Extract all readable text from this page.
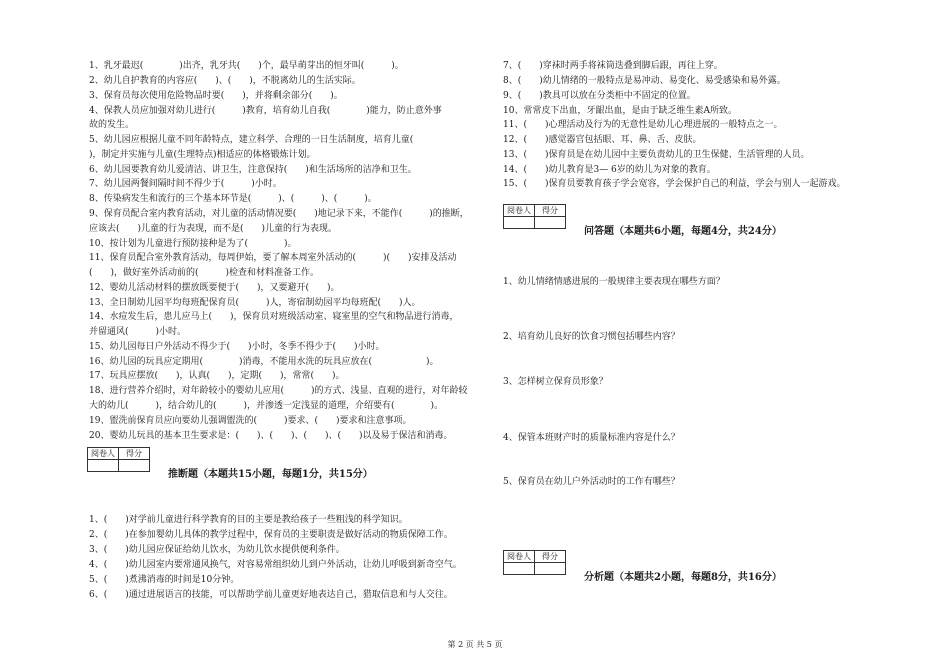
1、乳牙最迟(　　　　)出齐，乳牙共(　　)个，最早萌芽出的恒牙叫(　　　)。
2、幼儿自护教育的内容应(　　)、(　　)，不脱离幼儿的生活实际。
3、保育员每次使用危险物品时要(　　)，并将剩余部分(　　)。
4、保教人员应加强对幼儿进行(　　　)教育，培育幼儿自我(　　　　)能力，防止意外事
故的发生。
5、幼儿园应根据儿童不同年龄特点，建立科学、合理的一日生活制度，培育儿童(　　　
)，制定并实施与儿童(生理特点)相适应的体格锻炼计划。
6、幼儿园要教育幼儿爱清洁、讲卫生，注意保持(　　)和生活场所的洁净和卫生。
7、幼儿园两餐间隔时间不得少于(　　　)小时。
8、传染病发生和流行的三个基本环节是(　　　)、(　　　)、(　　　)。
9、保育员配合室内教育活动，对儿童的活动情况要(　　)地记录下来，不能作(　　　)的推断，
应该去(　　)儿童的行为表现，而不是(　　)儿童的行为表现。
10、按计划为儿童进行预防接种是为了(　　　　)。
11、保育员配合室外教育活动，每周伊始，要了解本周室外活动的(　　　)(　　)安排及活动
(　　)，做好室外活动前的(　　　)检查和材料准备工作。
12、婴幼儿活动材料的摆放既要便于(　　)，又要避开(　　)。
13、全日制幼儿园平均每班配保育员(　　　)人，寄宿制幼园平均每班配(　　)人。
14、水痘发生后，患儿应马上(　　)，保育员对班级活动室、寝室里的空气和物品进行消毒，
并留通风(　　　)小时。
15、幼儿园每日户外活动不得少于(　　)小时，冬季不得少于(　　)小时。
16、幼儿园的玩具应定期用(　　　　)消毒，不能用水洗的玩具应放在(　　　　　　)。
17、玩具应摆放(　　)，认真(　　)，定期(　　)，常常(　　)。
18、进行营养介绍时，对年龄较小的婴幼儿应用(　　　)的方式、浅显、直观的进行，对年龄较
大的幼儿(　　　)，结合幼儿的(　　　)，并渗透一定浅显的道理，介绍要有(　　　　)。
19、盥洗前保育员应向要幼儿强调盥洗的(　　　)要求、(　　)要求和注意事项。
20、婴幼儿玩具的基本卫生要求是：(　　)、(　　)、(　　)、(　　)以及易于保洁和消毒。
阅卷人	得分

推断题（本题共15小题，每题1分，共15分）
1、(　　)对学前儿童进行科学教育的目的主要是教给孩子一些粗浅的科学知识。
2、(　　)在参加婴幼儿具体的教学过程中，保育员的主要职责是做好活动的物质保障工作。
3、(　　)幼儿园应保证给幼儿饮水，为幼儿饮水提供便利条件。
4、(　　)幼儿园室内要常通风换气，对容易常组织幼儿到户外活动，让幼儿呼吸到新奇空气。
5、(　　)煮沸消毒的时间是10分钟。
6、(　　)通过进展语言的技能，可以帮助学前儿童更好地表达自己，猎取信息和与人交往。
7、(　　)穿袜时两手将袜筒迭叠到脚后跟，再往上穿。
8、(　　)幼儿情绪的一般特点是易冲动、易变化、易受感染和易外露。
9、(　　)教具可以放在分类柜中不固定的位置。
10、常常皮下出血，牙龈出血，是由于缺乏维生素A所致。
11、(　　)心理活动及行为的无意性是幼儿心理进展的一般特点之一。
12、(　　)感觉器官包括眼、耳、鼻、舌、皮肤。
13、(　　)保育员是在幼儿园中主要负责幼儿的卫生保健、生活管理的人员。
14、(　　)幼儿教育是3— 6岁的幼儿为对象的教育。
15、(　　)保育员要教育孩子学会宽容，学会保护自己的利益，学会与别人一起游戏。
阅卷人	得分

问答题（本题共6小题，每题4分，共24分）
1、幼儿情绪情感进展的一般规律主要表现在哪些方面？
2、培育幼儿良好的饮食习惯包括哪些内容？
3、怎样树立保育员形象？
4、保管本班财产时的质量标准内容是什么？
5、保育员在幼儿户外活动时的工作有哪些？
阅卷人	得分

分析题（本题共2小题，每题8分，共16分）
第 2 页 共 5 页
